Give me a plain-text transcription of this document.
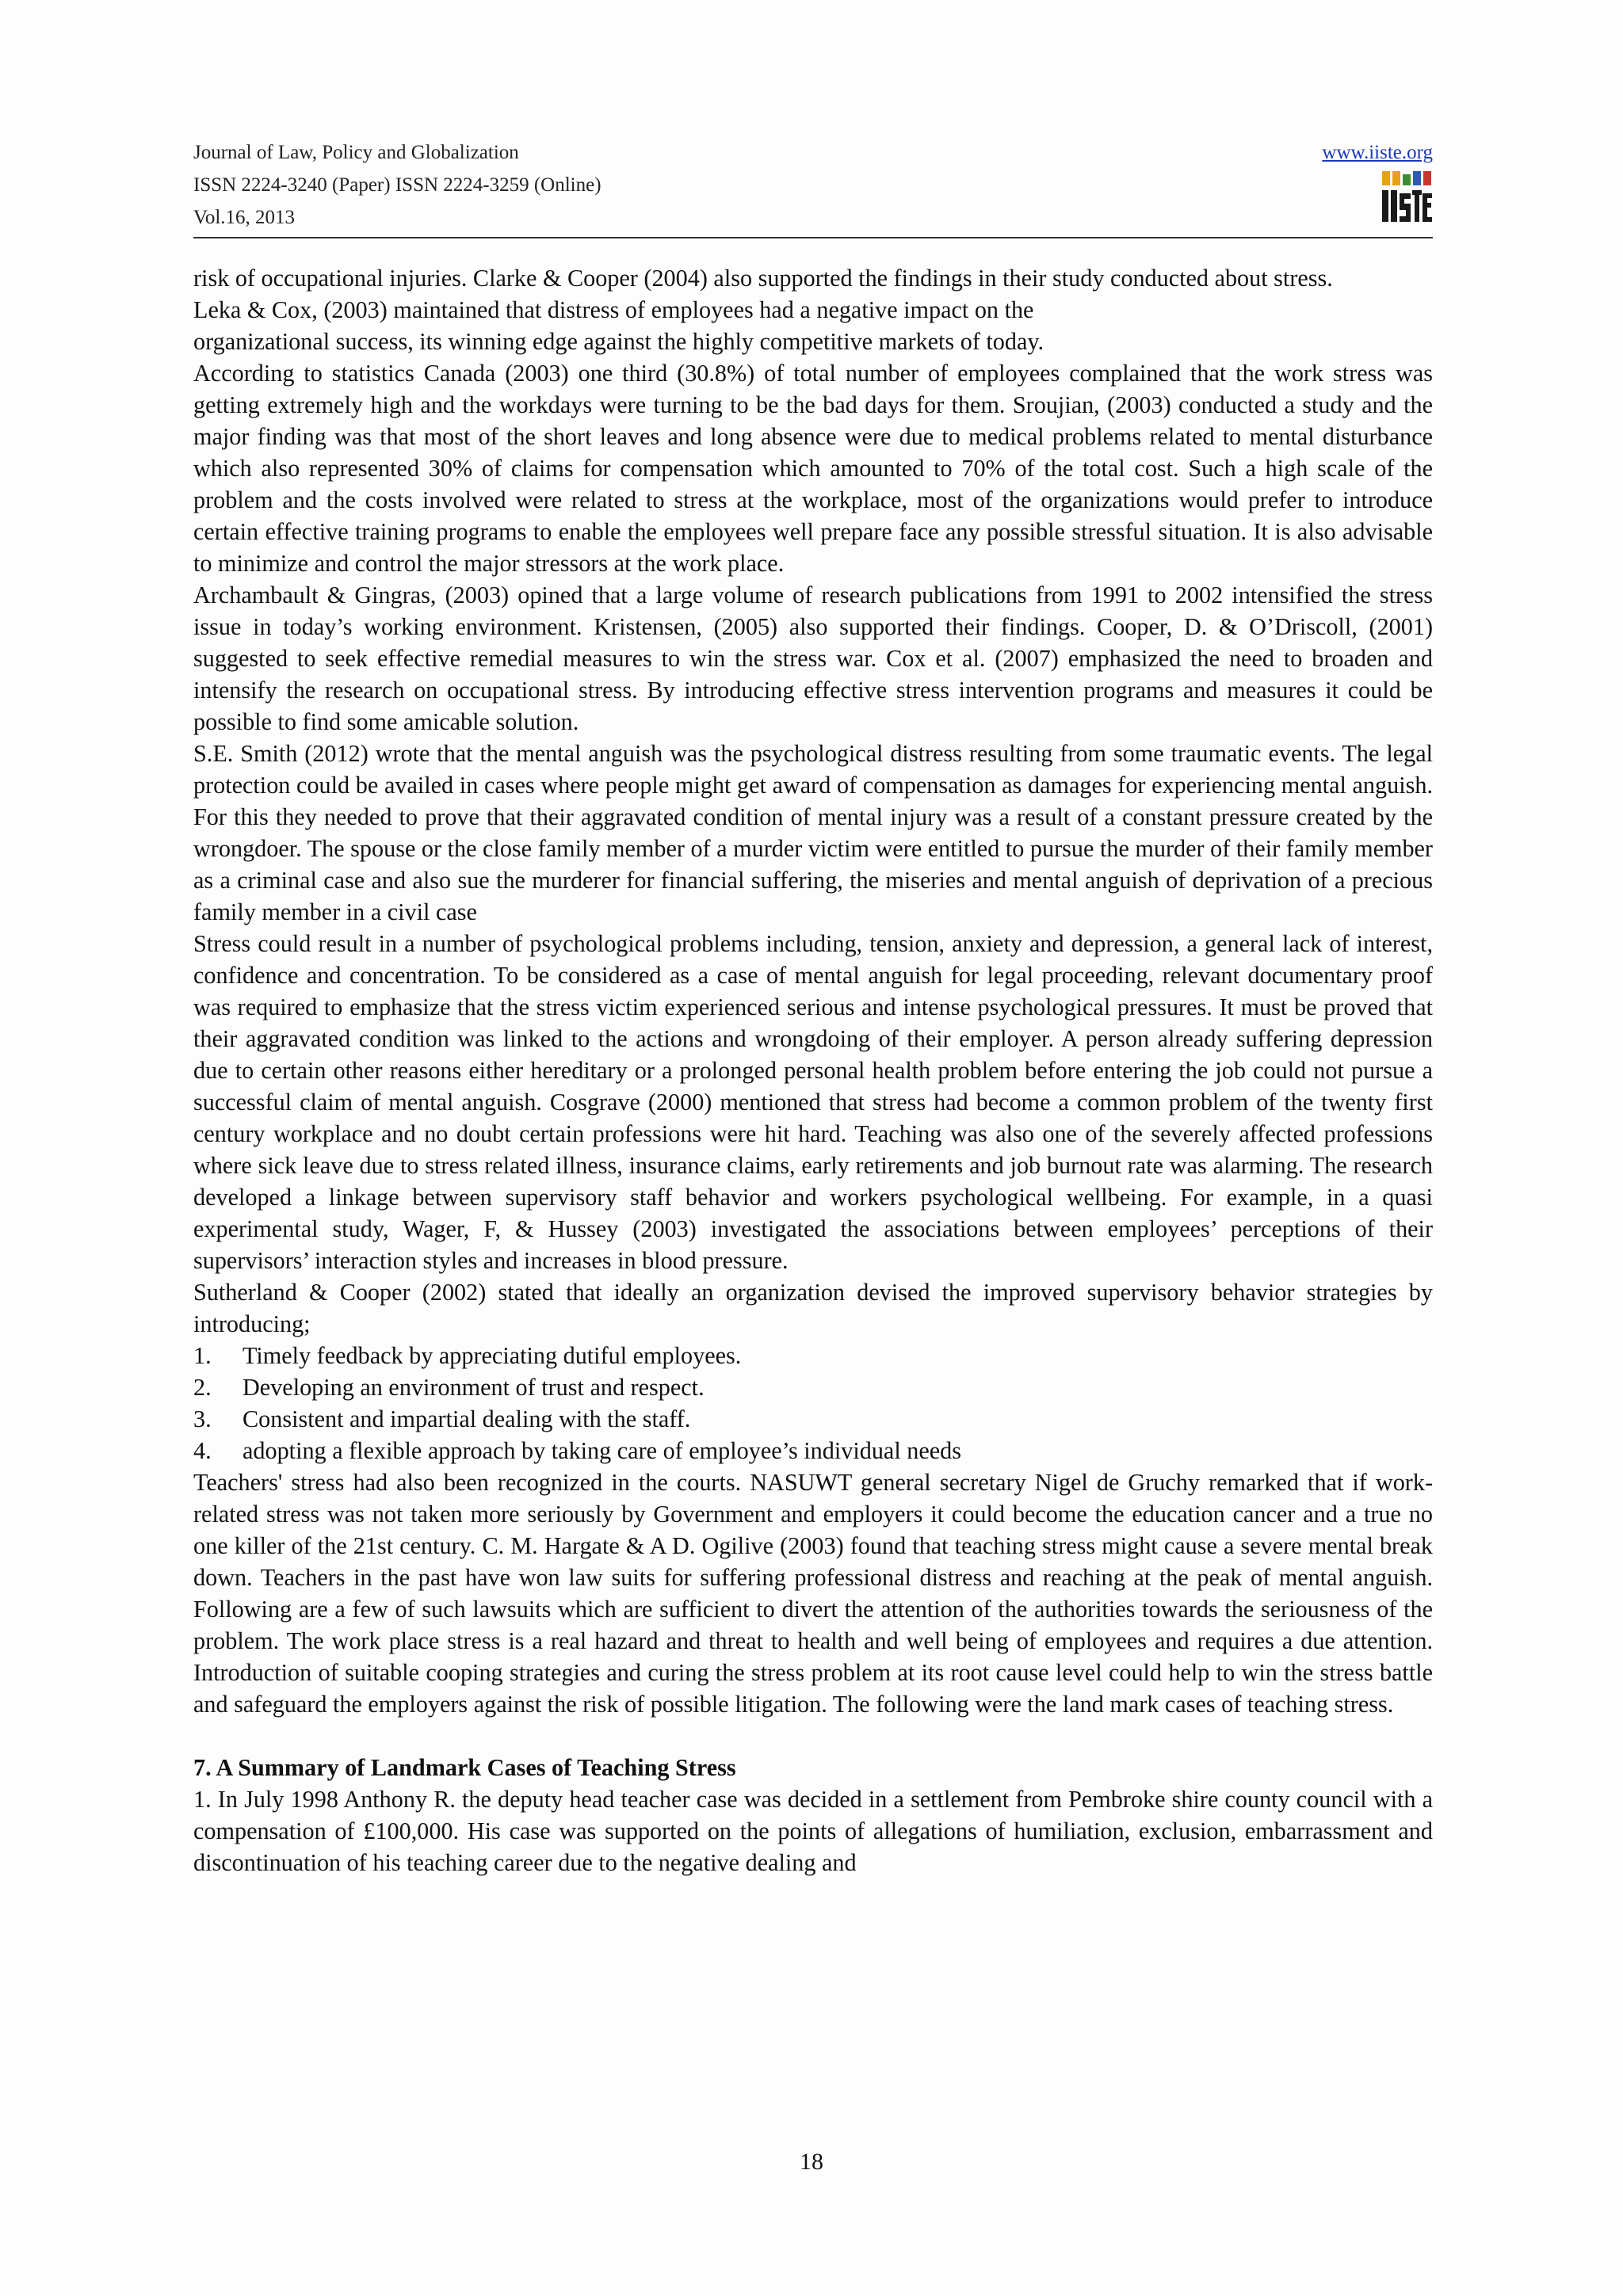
Journal of Law, Policy and Globalization
ISSN 2224-3240 (Paper) ISSN 2224-3259 (Online)
Vol.16, 2013
www.iiste.org

risk of occupational injuries. Clarke & Cooper (2004) also supported the findings in their study conducted about stress.

Leka & Cox, (2003) maintained that distress of employees had a negative impact on the

organizational success, its winning edge against the highly competitive markets of today.

According to statistics Canada (2003) one third (30.8%) of total number of employees complained that the work stress was getting extremely high and the workdays were turning to be the bad days for them. Sroujian, (2003) conducted a study and the major finding was that most of the short leaves and long absence were due to medical problems related to mental disturbance which also represented 30% of claims for compensation which amounted to 70% of the total cost. Such a high scale of the problem and the costs involved were related to stress at the workplace, most of the organizations would prefer to introduce certain effective training programs to enable the employees well prepare face any possible stressful situation. It is also advisable to minimize and control the major stressors at the work place.

Archambault & Gingras, (2003) opined that a large volume of research publications from 1991 to 2002 intensified the stress issue in today’s working environment. Kristensen, (2005) also supported their findings. Cooper, D. & O’Driscoll, (2001) suggested to seek effective remedial measures to win the stress war. Cox et al. (2007) emphasized the need to broaden and intensify the research on occupational stress. By introducing effective stress intervention programs and measures it could be possible to find some amicable solution.

S.E. Smith (2012) wrote that the mental anguish was the psychological distress resulting from some traumatic events. The legal protection could be availed in cases where people might get award of compensation as damages for experiencing mental anguish. For this they needed to prove that their aggravated condition of mental injury was a result of a constant pressure created by the wrongdoer. The spouse or the close family member of a murder victim were entitled to pursue the murder of their family member as a criminal case and also sue the murderer for financial suffering, the miseries and mental anguish of deprivation of a precious family member in a civil case

Stress could result in a number of psychological problems including, tension, anxiety and depression, a general lack of interest, confidence and concentration. To be considered as a case of mental anguish for legal proceeding, relevant documentary proof was required to emphasize that the stress victim experienced serious and intense psychological pressures. It must be proved that their aggravated condition was linked to the actions and wrongdoing of their employer. A person already suffering depression due to certain other reasons either hereditary or a prolonged personal health problem before entering the job could not pursue a successful claim of mental anguish. Cosgrave (2000) mentioned that stress had become a common problem of the twenty first century workplace and no doubt certain professions were hit hard. Teaching was also one of the severely affected professions where sick leave due to stress related illness, insurance claims, early retirements and job burnout rate was alarming. The research developed a linkage between supervisory staff behavior and workers psychological wellbeing. For example, in a quasi experimental study, Wager, F, & Hussey (2003) investigated the associations between employees’ perceptions of their supervisors’ interaction styles and increases in blood pressure.

Sutherland & Cooper (2002) stated that ideally an organization devised the improved supervisory behavior strategies by introducing;

1. Timely feedback by appreciating dutiful employees.
2. Developing an environment of trust and respect.
3. Consistent and impartial dealing with the staff.
4. adopting a flexible approach by taking care of employee’s individual needs

Teachers' stress had also been recognized in the courts. NASUWT general secretary Nigel de Gruchy remarked that if work-related stress was not taken more seriously by Government and employers it could become the education cancer and a true no one killer of the 21st century. C. M. Hargate & A D. Ogilive (2003) found that teaching stress might cause a severe mental break down. Teachers in the past have won law suits for suffering professional distress and reaching at the peak of mental anguish. Following are a few of such lawsuits which are sufficient to divert the attention of the authorities towards the seriousness of the problem. The work place stress is a real hazard and threat to health and well being of employees and requires a due attention. Introduction of suitable cooping strategies and curing the stress problem at its root cause level could help to win the stress battle and safeguard the employers against the risk of possible litigation. The following were the land mark cases of teaching stress.

7. A Summary of Landmark Cases of Teaching Stress

1. In July 1998 Anthony R. the deputy head teacher case was decided in a settlement from Pembroke shire county council with a compensation of £100,000. His case was supported on the points of allegations of humiliation, exclusion, embarrassment and discontinuation of his teaching career due to the negative dealing and

18
